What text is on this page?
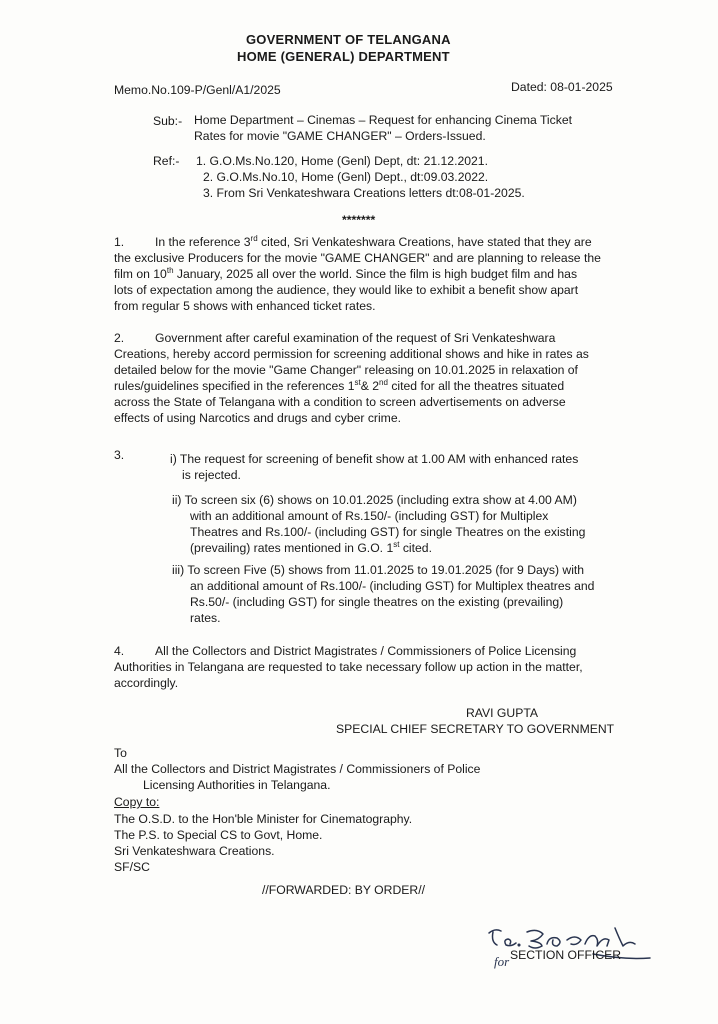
GOVERNMENT OF TELANGANA
HOME (GENERAL) DEPARTMENT
Memo.No.109-P/Genl/A1/2025	Dated: 08-01-2025
Sub:- Home Department – Cinemas – Request for enhancing Cinema Ticket
Rates for movie "GAME CHANGER" – Orders-Issued.
Ref:- 1. G.O.Ms.No.120, Home (Genl) Dept, dt: 21.12.2021.
2. G.O.Ms.No.10, Home (Genl) Dept., dt:09.03.2022.
3. From Sri Venkateshwara Creations letters dt:08-01-2025.
*******
1.	In the reference 3rd cited, Sri Venkateshwara Creations, have stated that they are
the exclusive Producers for the movie "GAME CHANGER" and are planning to release the
film on 10th January, 2025 all over the world. Since the film is high budget film and has
lots of expectation among the audience, they would like to exhibit a benefit show apart
from regular 5 shows with enhanced ticket rates.
2.	Government after careful examination of the request of Sri Venkateshwara
Creations, hereby accord permission for screening additional shows and hike in rates as
detailed below for the movie "Game Changer" releasing on 10.01.2025 in relaxation of
rules/guidelines specified in the references 1st& 2nd cited for all the theatres situated
across the State of Telangana with a condition to screen advertisements on adverse
effects of using Narcotics and drugs and cyber crime.
3.	i) The request for screening of benefit show at 1.00 AM with enhanced rates
is rejected.
ii) To screen six (6) shows on 10.01.2025 (including extra show at 4.00 AM)
with an additional amount of Rs.150/- (including GST) for Multiplex
Theatres and Rs.100/- (including GST) for single Theatres on the existing
(prevailing) rates mentioned in G.O. 1st cited.
iii) To screen Five (5) shows from 11.01.2025 to 19.01.2025 (for 9 Days) with
an additional amount of Rs.100/- (including GST) for Multiplex theatres and
Rs.50/- (including GST) for single theatres on the existing (prevailing)
rates.
4.	All the Collectors and District Magistrates / Commissioners of Police Licensing
Authorities in Telangana are requested to take necessary follow up action in the matter,
accordingly.
RAVI GUPTA
SPECIAL CHIEF SECRETARY TO GOVERNMENT
To
All the Collectors and District Magistrates / Commissioners of Police
Licensing Authorities in Telangana.
Copy to:
The O.S.D. to the Hon'ble Minister for Cinematography.
The P.S. to Special CS to Govt, Home.
Sri Venkateshwara Creations.
SF/SC
//FORWARDED: BY ORDER//
for SECTION OFFICER
